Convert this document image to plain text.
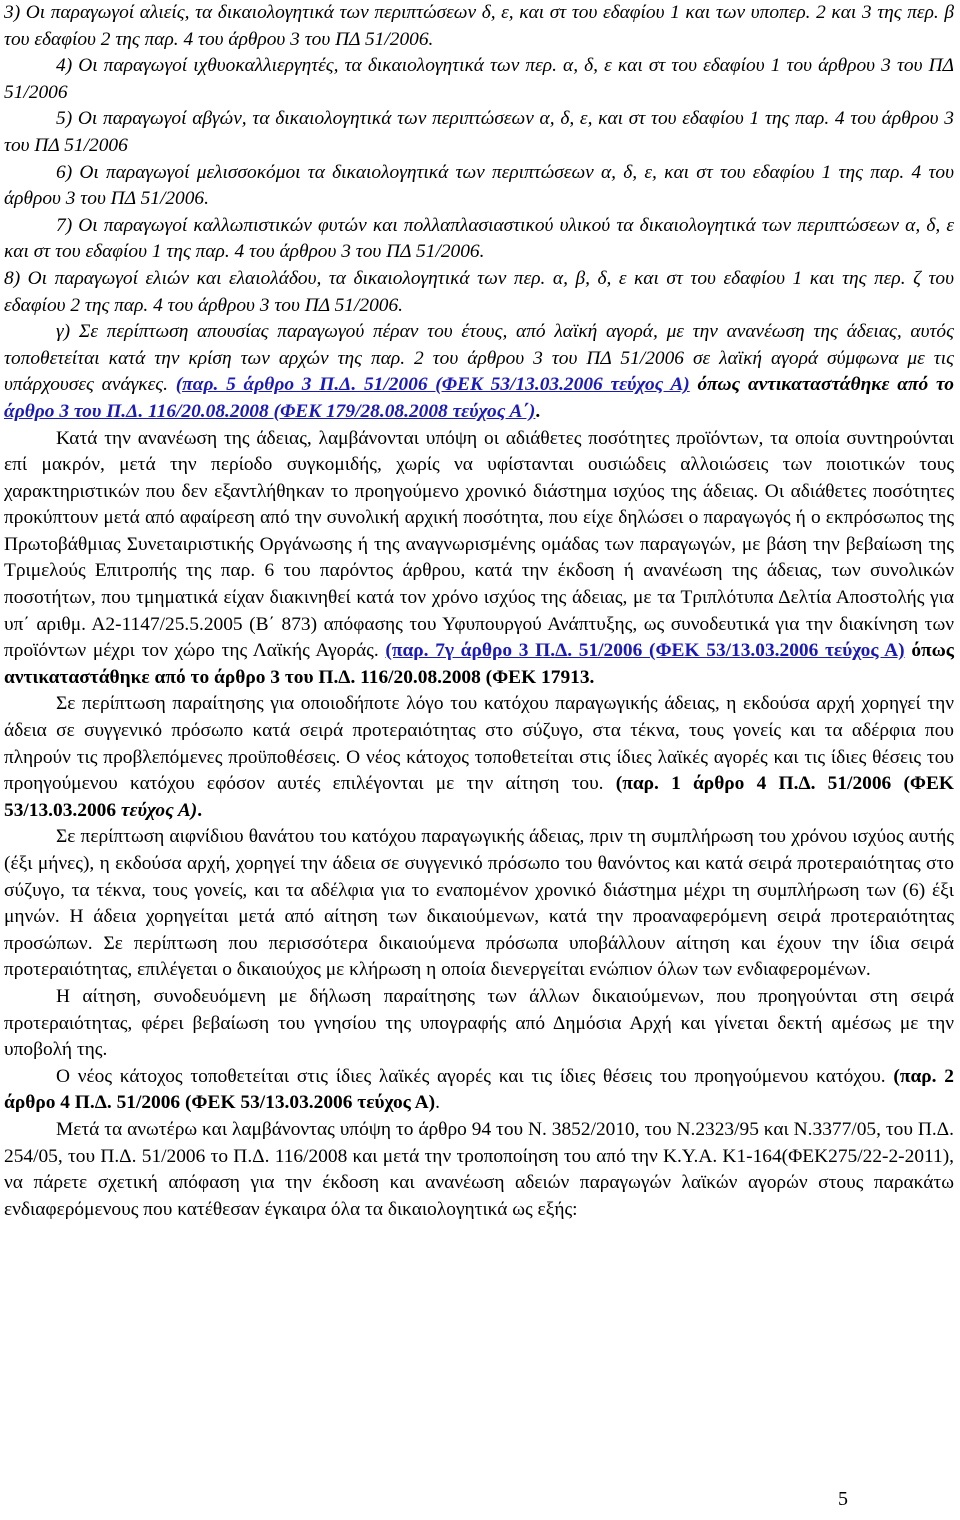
3) Οι παραγωγοί αλιείς, τα δικαιολογητικά των περιπτώσεων δ, ε, και στ του εδαφίου 1 και των υποπερ. 2 και 3 της περ. β του εδαφίου 2 της παρ. 4 του άρθρου 3 του ΠΔ 51/2006.

4) Οι παραγωγοί ιχθυοκαλλιεργητές, τα δικαιολογητικά των περ. α, δ, ε και στ του εδαφίου 1 του άρθρου 3 του ΠΔ 51/2006

5) Οι παραγωγοί αβγών, τα δικαιολογητικά των περιπτώσεων α, δ, ε, και στ του εδαφίου 1 της παρ. 4 του άρθρου 3 του ΠΔ 51/2006

6) Οι παραγωγοί μελισσοκόμοι τα δικαιολογητικά των περιπτώσεων α, δ, ε, και στ του εδαφίου 1 της παρ. 4 του άρθρου 3 του ΠΔ 51/2006.

7) Οι παραγωγοί καλλωπιστικών φυτών και πολλαπλασιαστικού υλικού τα δικαιολογητικά των περιπτώσεων α, δ, ε και στ του εδαφίου 1 της παρ. 4 του άρθρου 3 του ΠΔ 51/2006.

8) Οι παραγωγοί ελιών και ελαιολάδου, τα δικαιολογητικά των περ. α, β, δ, ε και στ του εδαφίου 1 και της περ. ζ του εδαφίου 2 της παρ. 4 του άρθρου 3 του ΠΔ 51/2006.

γ) Σε περίπτωση απουσίας παραγωγού πέραν του έτους, από λαϊκή αγορά, με την ανανέωση της άδειας, αυτός τοποθετείται κατά την κρίση των αρχών της παρ. 2 του άρθρου 3 του ΠΔ 51/2006 σε λαϊκή αγορά σύμφωνα με τις υπάρχουσες ανάγκες. (παρ. 5 άρθρο 3 Π.Δ. 51/2006 (ΦΕΚ 53/13.03.2006 τεύχος Α) όπως αντικαταστάθηκε από το άρθρο 3 του Π.Δ. 116/20.08.2008 (ΦΕΚ 179/28.08.2008 τεύχος Α΄).

Κατά την ανανέωση της άδειας, λαμβάνονται υπόψη οι αδιάθετες ποσότητες προϊόντων, τα οποία συντηρούνται επί μακρόν, μετά την περίοδο συγκομιδής, χωρίς να υφίστανται ουσιώδεις αλλοιώσεις των ποιοτικών τους χαρακτηριστικών που δεν εξαντλήθηκαν το προηγούμενο χρονικό διάστημα ισχύος της άδειας. Οι αδιάθετες ποσότητες προκύπτουν μετά από αφαίρεση από την συνολική αρχική ποσότητα, που είχε δηλώσει ο παραγωγός ή ο εκπρόσωπος της Πρωτοβάθμιας Συνεταιριστικής Οργάνωσης ή της αναγνωρισμένης ομάδας των παραγωγών, με βάση την βεβαίωση της Τριμελούς Επιτροπής της παρ. 6 του παρόντος άρθρου, κατά την έκδοση ή ανανέωση της άδειας, των συνολικών ποσοτήτων, που τμηματικά είχαν διακινηθεί κατά τον χρόνο ισχύος της άδειας, με τα Τριπλότυπα Δελτία Αποστολής για υπ΄ αριθμ. Α2-1147/25.5.2005 (Β΄ 873) απόφασης του Υφυπουργού Ανάπτυξης, ως συνοδευτικά για την διακίνηση των προϊόντων μέχρι τον χώρο της Λαϊκής Αγοράς. (παρ. 7γ άρθρο 3 Π.Δ. 51/2006 (ΦΕΚ 53/13.03.2006 τεύχος Α) όπως αντικαταστάθηκε από το άρθρο 3 του Π.Δ. 116/20.08.2008 (ΦΕΚ 17913.

Σε περίπτωση παραίτησης για οποιοδήποτε λόγο του κατόχου παραγωγικής άδειας, η εκδούσα αρχή χορηγεί την άδεια σε συγγενικό πρόσωπο κατά σειρά προτεραιότητας στο σύζυγο, στα τέκνα, τους γονείς και τα αδέρφια που πληρούν τις προβλεπόμενες προϋποθέσεις. Ο νέος κάτοχος τοποθετείται στις ίδιες λαϊκές αγορές και τις ίδιες θέσεις του προηγούμενου κατόχου εφόσον αυτές επιλέγονται με την αίτηση του. (παρ. 1 άρθρο 4 Π.Δ. 51/2006 (ΦΕΚ 53/13.03.2006 τεύχος Α).

Σε περίπτωση αιφνίδιου θανάτου του κατόχου παραγωγικής άδειας, πριν τη συμπλήρωση του χρόνου ισχύος αυτής (έξι μήνες), η εκδούσα αρχή, χορηγεί την άδεια σε συγγενικό πρόσωπο του θανόντος και κατά σειρά προτεραιότητας στο σύζυγο, τα τέκνα, τους γονείς, και τα αδέλφια για το εναπομένον χρονικό διάστημα μέχρι τη συμπλήρωση των (6) έξι μηνών. Η άδεια χορηγείται μετά από αίτηση των δικαιούμενων, κατά την προαναφερόμενη σειρά προτεραιότητας προσώπων. Σε περίπτωση που περισσότερα δικαιούμενα πρόσωπα υποβάλλουν αίτηση και έχουν την ίδια σειρά προτεραιότητας, επιλέγεται ο δικαιούχος με κλήρωση η οποία διενεργείται ενώπιον όλων των ενδιαφερομένων.

Η αίτηση, συνοδευόμενη με δήλωση παραίτησης των άλλων δικαιούμενων, που προηγούνται στη σειρά προτεραιότητας, φέρει βεβαίωση του γνησίου της υπογραφής από Δημόσια Αρχή και γίνεται δεκτή αμέσως με την υποβολή της.

Ο νέος κάτοχος τοποθετείται στις ίδιες λαϊκές αγορές και τις ίδιες θέσεις του προηγούμενου κατόχου. (παρ. 2 άρθρο 4 Π.Δ. 51/2006 (ΦΕΚ 53/13.03.2006 τεύχος Α).

Μετά τα ανωτέρω και λαμβάνοντας υπόψη το άρθρο 94 του Ν. 3852/2010, του Ν.2323/95 και Ν.3377/05, του Π.Δ. 254/05, του Π.Δ. 51/2006 το Π.Δ. 116/2008 και μετά την τροποποίηση του από την Κ.Υ.Α. Κ1-164(ΦΕΚ275/22-2-2011), να πάρετε σχετική απόφαση για την έκδοση και ανανέωση αδειών παραγωγών λαϊκών αγορών στους παρακάτω ενδιαφερόμενους που κατέθεσαν έγκαιρα όλα τα δικαιολογητικά ως εξής:

5
